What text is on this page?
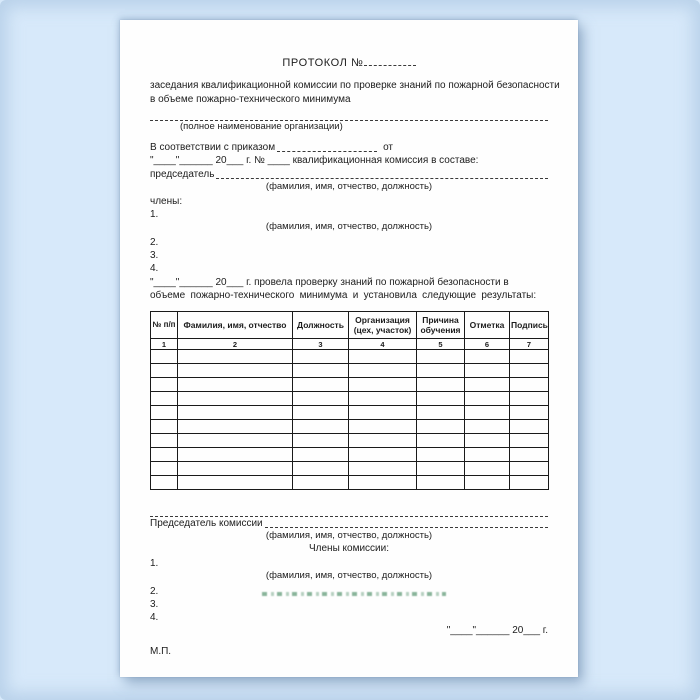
ПРОТОКОЛ №
заседания квалификационной комиссии по проверке знаний по пожарной безопасности
в объеме пожарно-технического минимума
(полное наименование организации)
В соответствии с приказом	от
"____"______ 20___ г. № ____ квалификационная комиссия в составе:
председатель
(фамилия, имя, отчество, должность)
члены:
1.
(фамилия, имя, отчество, должность)
2.
3.
4.
"____"______ 20___ г. провела проверку знаний по пожарной безопасности в
объеме пожарно-технического минимума и установила следующие результаты:
№ п/п	Фамилия, имя, отчество	Должность	Организация (цех, участок)	Причина обучения	Отметка	Подпись
1	2	3	4	5	6	7

Председатель комиссии
(фамилия, имя, отчество, должность)
Члены комиссии:
1.
(фамилия, имя, отчество, должность)
2.
3.
4.
"____"______ 20___ г.
М.П.
